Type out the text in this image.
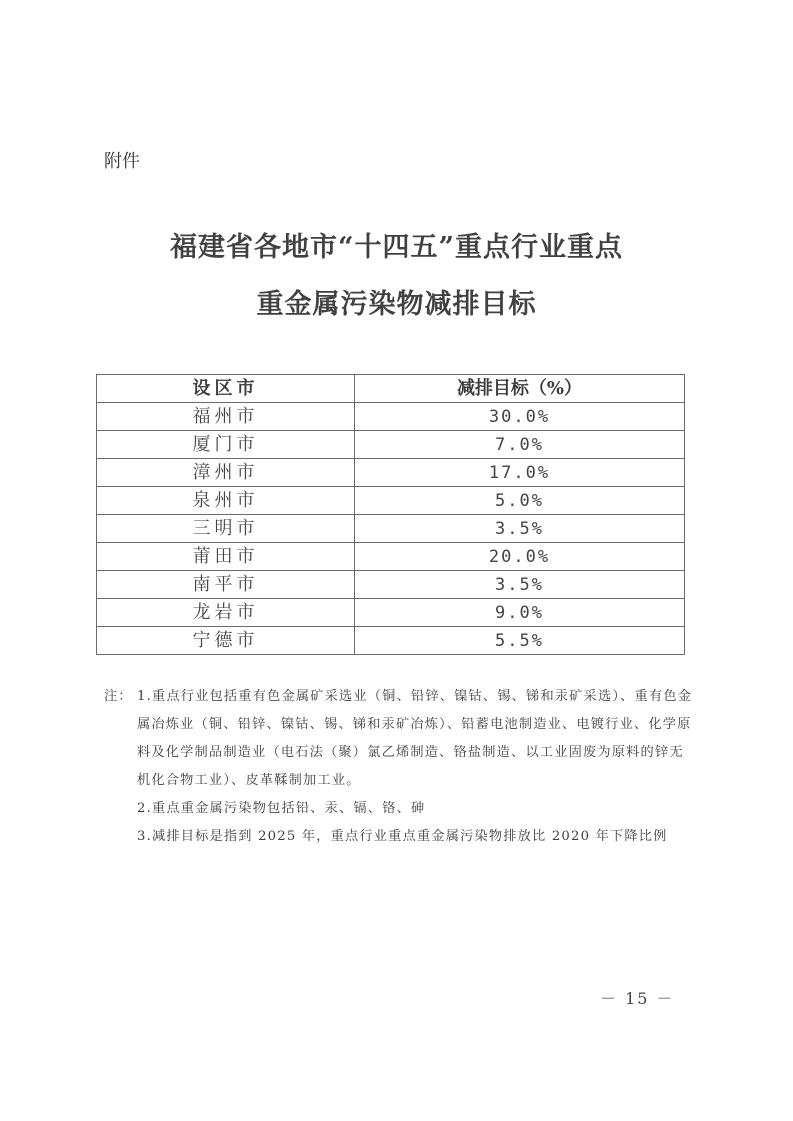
附件
福建省各地市“十四五”重点行业重点
重金属污染物减排目标
设区市	减排目标（%）
福州市	30.0%
厦门市	7.0%
漳州市	17.0%
泉州市	5.0%
三明市	3.5%
莆田市	20.0%
南平市	3.5%
龙岩市	9.0%
宁德市	5.5%
注： 1.重点行业包括重有色金属矿采选业（铜、铅锌、镍钴、锡、锑和汞矿采选）、重有色金属冶炼业（铜、铅锌、镍钴、锡、锑和汞矿冶炼）、铅蓄电池制造业、电镀行业、化学原料及化学制品制造业（电石法（聚）氯乙烯制造、铬盐制造、以工业固废为原料的锌无机化合物工业）、皮革鞣制加工业。
2.重点重金属污染物包括铅、汞、镉、铬、砷
3.减排目标是指到 2025 年，重点行业重点重金属污染物排放比 2020 年下降比例
－ 15 －
